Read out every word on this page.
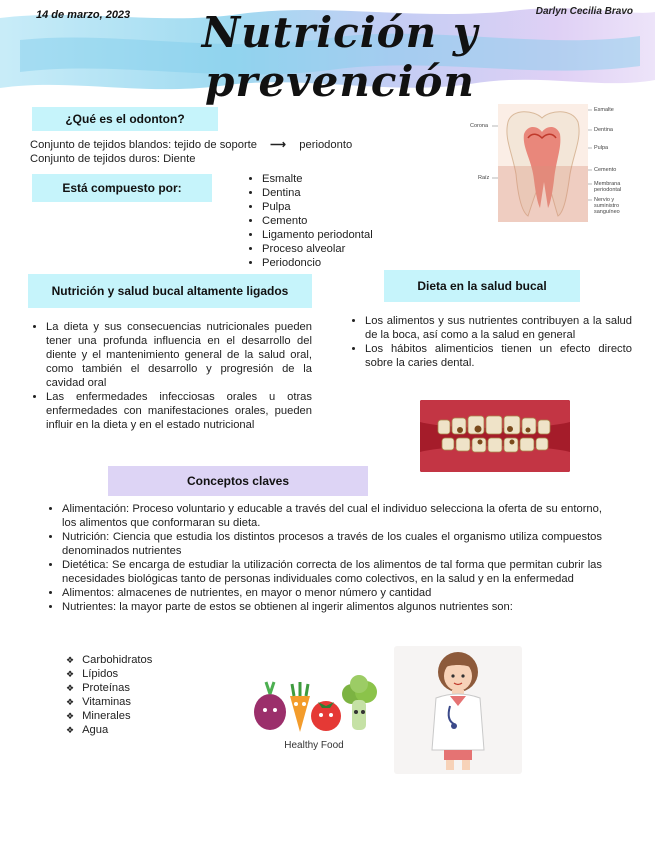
14 de marzo, 2023	Darlyn Cecilia Bravo
Nutrición y prevención
¿Qué es el odonton?
Conjunto de tejidos blandos: tejido de soporte ⟶ periodonto
Conjunto de tejidos duros: Diente
Está compuesto por:
• Esmalte
• Dentina
• Pulpa
• Cemento
• Ligamento periodontal
• Proceso alveolar
• Periodoncio
Esmalte
Corona
Dentina
Pulpa
Raíz
Cemento
Membrana periodontal
Nervio y suministro sanguíneo
Nutrición y salud bucal altamente ligados
• La dieta y sus consecuencias nutricionales pueden tener una profunda influencia en el desarrollo del diente y el mantenimiento general de la salud oral, como también el desarrollo y progresión de la cavidad oral
• Las enfermedades infecciosas orales u otras enfermedades con manifestaciones orales, pueden influir en la dieta y en el estado nutricional
Dieta en la salud bucal
• Los alimentos y sus nutrientes contribuyen a la salud de la boca, así como a la salud en general
• Los hábitos alimenticios tienen un efecto directo sobre la caries dental.
Conceptos claves
• Alimentación: Proceso voluntario y educable a través del cual el individuo selecciona la oferta de su entorno, los alimentos que conformaran su dieta.
• Nutrición: Ciencia que estudia los distintos procesos a través de los cuales el organismo utiliza compuestos denominados nutrientes
• Dietética: Se encarga de estudiar la utilización correcta de los alimentos de tal forma que permitan cubrir las necesidades biológicas tanto de personas individuales como colectivos, en la salud y en la enfermedad
• Alimentos: almacenes de nutrientes, en mayor o menor número y cantidad
• Nutrientes: la mayor parte de estos se obtienen al ingerir alimentos algunos nutrientes son:
❖ Carbohidratos
❖ Lípidos
❖ Proteínas
❖ Vitaminas
❖ Minerales
❖ Agua
Healthy Food
